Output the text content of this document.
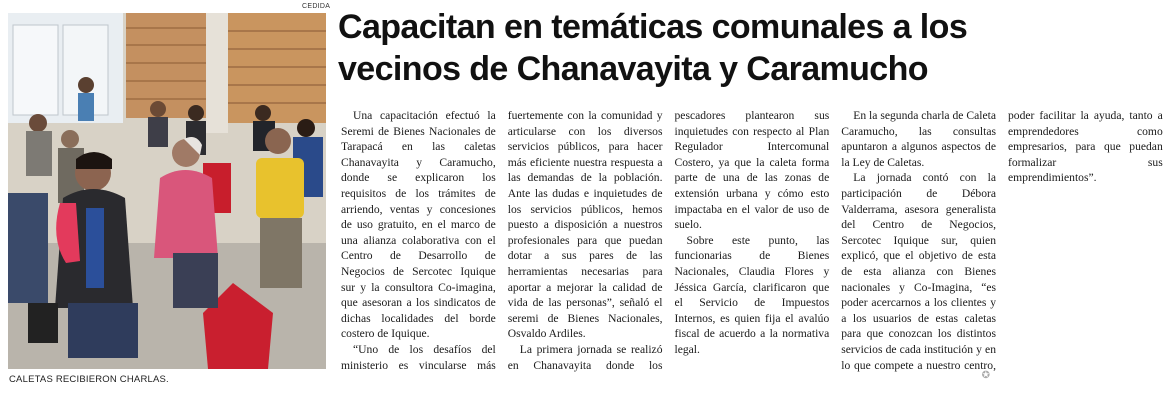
CEDIDA
CALETAS RECIBIERON CHARLAS.
Capacitan en temáticas comunales a los vecinos de Chanavayita y Caramucho

Una capacitación efectuó la Seremi de Bienes Nacionales de Tarapacá en las caletas Chanavayita y Caramucho, donde se explicaron los requisitos de los trámites de arriendo, ventas y concesiones de uso gratuito, en el marco de una alianza colaborativa con el Centro de Desarrollo de Negocios de Sercotec Iquique sur y la consultora Co-imagina, que asesoran a los sindicatos de dichas localidades del borde costero de Iquique.

“Uno de los desafíos del ministerio es vincularse más fuertemente con la comunidad y articularse con los diversos servicios públicos, para hacer más eficiente nuestra respuesta a las demandas de la población. Ante las dudas e inquietudes de los servicios públicos, hemos puesto a disposición a nuestros profesionales para que puedan dotar a sus pares de las herramientas necesarias para aportar a mejorar la calidad de vida de las personas”, señaló el seremi de Bienes Nacionales, Osvaldo Ardiles.

La primera jornada se realizó en Chanavayita donde los pescadores plantearon sus inquietudes con respecto al Plan Regulador Intercomunal Costero, ya que la caleta forma parte de una de las zonas de extensión urbana y cómo esto impactaba en el valor de uso de suelo.

Sobre este punto, las funcionarias de Bienes Nacionales, Claudia Flores y Jéssica García, clarificaron que el Servicio de Impuestos Internos, es quien fija el avalúo fiscal de acuerdo a la normativa legal.

En la segunda charla de Caleta Caramucho, las consultas apuntaron a algunos aspectos de la Ley de Caletas.

La jornada contó con la participación de Débora Valderrama, asesora generalista del Centro de Negocios, Sercotec Iquique sur, quien explicó, que el objetivo de esta de esta alianza con Bienes nacionales y Co-Imagina, “es poder acercarnos a los clientes y a los usuarios de estas caletas para que conozcan los distintos servicios de cada institución y en lo que compete a nuestro centro, poder facilitar la ayuda, tanto a emprendedores como empresarios, para que puedan formalizar sus emprendimientos”.

✪
